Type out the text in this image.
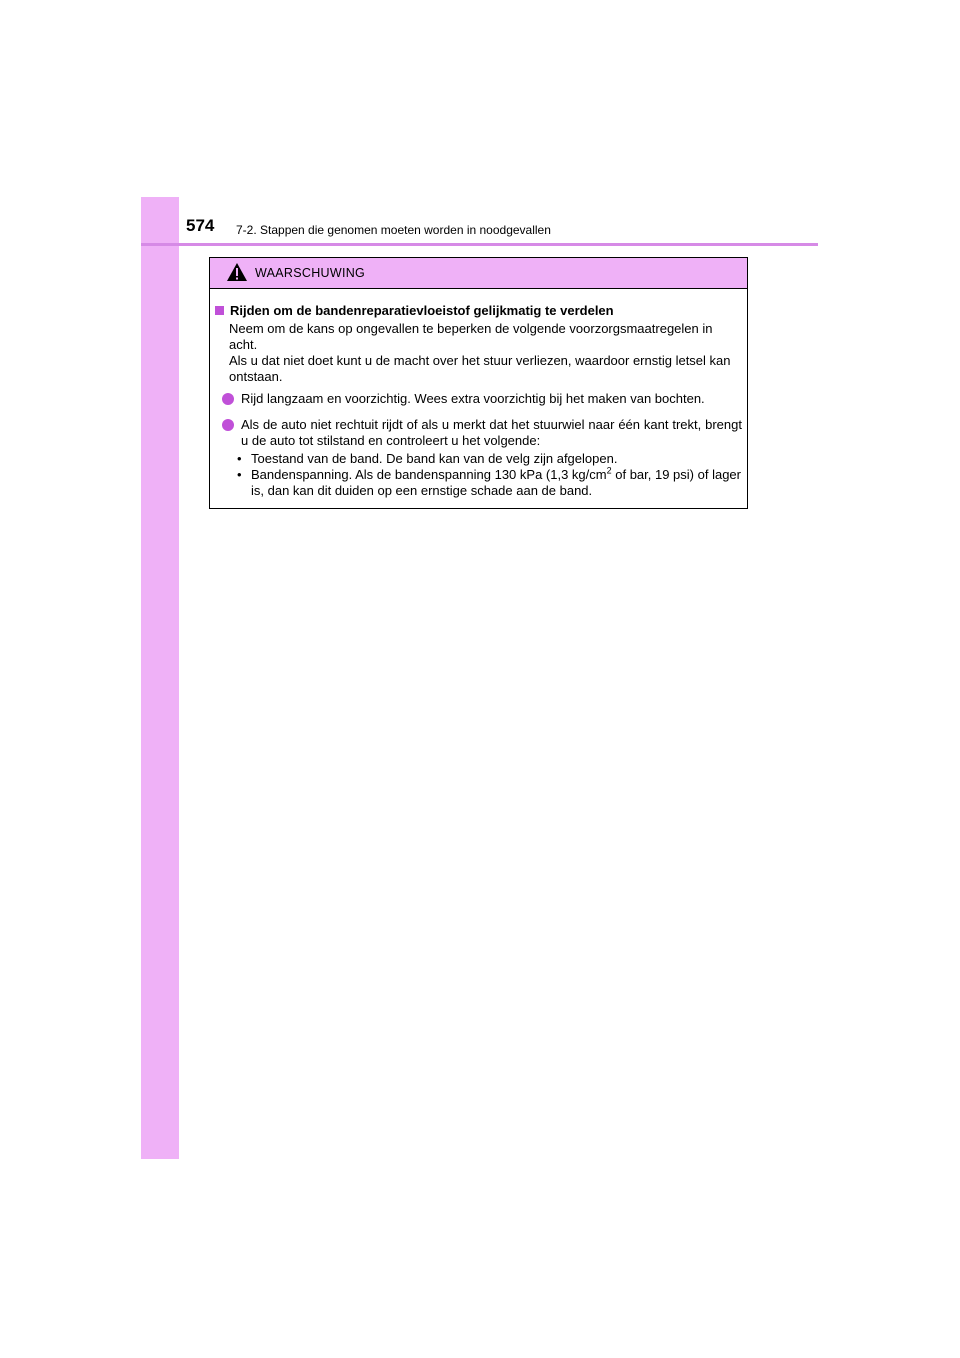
574 7-2. Stappen die genomen moeten worden in noodgevallen
WAARSCHUWING
Rijden om de bandenreparatievloeistof gelijkmatig te verdelen
Neem om de kans op ongevallen te beperken de volgende voorzorgsmaatregelen in acht.
Als u dat niet doet kunt u de macht over het stuur verliezen, waardoor ernstig letsel kan ontstaan.
Rijd langzaam en voorzichtig. Wees extra voorzichtig bij het maken van bochten.
Als de auto niet rechtuit rijdt of als u merkt dat het stuurwiel naar één kant trekt, brengt u de auto tot stilstand en controleert u het volgende:
• Toestand van de band. De band kan van de velg zijn afgelopen.
• Bandenspanning. Als de bandenspanning 130 kPa (1,3 $kg/cm^2$ of bar, 19 psi) of lager is, dan kan dit duiden op een ernstige schade aan de band.
